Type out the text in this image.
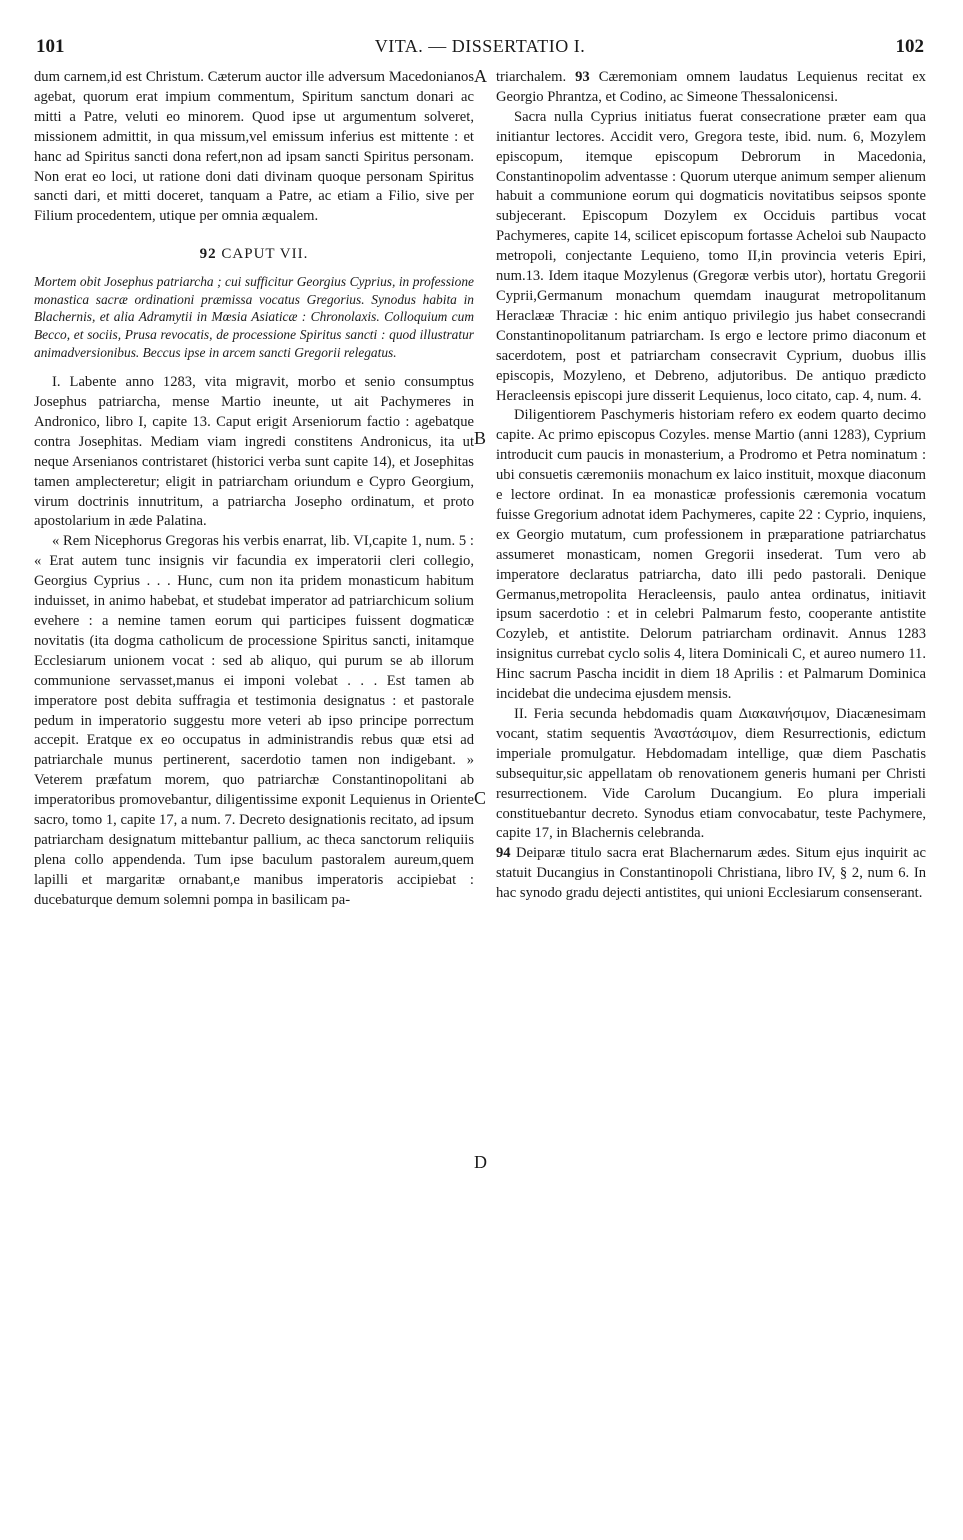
101	VITA. — DISSERTATIO I.	102
A
B
C
D

dum carnem,id est Christum. Cæterum auctor ille adversum Macedonianos agebat, quorum erat impium commentum, Spiritum sanctum donari ac mitti a Patre, veluti eo minorem. Quod ipse ut argumentum solveret, missionem admittit, in qua missum,vel emissum inferius est mittente : et hanc ad Spiritus sancti dona refert,non ad ipsam sancti Spiritus personam. Non erat eo loci, ut ratione doni dati divinam quoque personam Spiritus sancti dari, et mitti doceret, tanquam a Patre, ac etiam a Filio, sive per Filium procedentem, utique per omnia æqualem.

92 CAPUT VII.

Mortem obit Josephus patriarcha ; cui sufficitur Georgius Cyprius, in professione monastica sacræ ordinationi præmissa vocatus Gregorius. Synodus habita in Blachernis, et alia Adramytii in Mœsia Asiaticæ : Chronolaxis. Colloquium cum Becco, et sociis, Prusa revocatis, de processione Spiritus sancti : quod illustratur animadversionibus. Beccus ipse in arcem sancti Gregorii relegatus.

I. Labente anno 1283, vita migravit, morbo et senio consumptus Josephus patriarcha, mense Martio ineunte, ut ait Pachymeres in Andronico, libro I, capite 13. Caput erigit Arseniorum factio : agebatque contra Josephitas. Mediam viam ingredi constitens Andronicus, ita ut neque Arsenianos contristaret (historici verba sunt capite 14), et Josephitas tamen amplecteretur; eligit in patriarcham oriundum e Cypro Georgium, virum doctrinis innutritum, a patriarcha Josepho ordinatum, et proto apostolarium in æde Palatina.

« Rem Nicephorus Gregoras his verbis enarrat, lib. VI,capite 1, num. 5 : « Erat autem tunc insignis vir facundia ex imperatorii cleri collegio, Georgius Cyprius . . . Hunc, cum non ita pridem monasticum habitum induisset, in animo habebat, et studebat imperator ad patriarchicum solium evehere : a nemine tamen eorum qui participes fuissent dogmaticæ novitatis (ita dogma catholicum de processione Spiritus sancti, initamque Ecclesiarum unionem vocat : sed ab aliquo, qui purum se ab illorum communione servasset,manus ei imponi volebat . . . Est tamen ab imperatore post debita suffragia et testimonia designatus : et pastorale pedum in imperatorio suggestu more veteri ab ipso principe porrectum accepit. Eratque ex eo occupatus in administrandis rebus quæ etsi ad patriarchale munus pertinerent, sacerdotio tamen non indigebant. » Veterem præfatum morem, quo patriarchæ Constantinopolitani ab imperatoribus promovebantur, diligentissime exponit Lequienus in Oriente sacro, tomo 1, capite 17, a num. 7. Decreto designationis recitato, ad ipsum patriarcham designatum mittebantur pallium, ac theca sanctorum reliquiis plena collo appendenda. Tum ipse baculum pastoralem aureum,quem lapilli et margaritæ ornabant,e manibus imperatoris accipiebat : ducebaturque demum solemni pompa in basilicam pa-

triarchalem. 93 Cæremoniam omnem laudatus Lequienus recitat ex Georgio Phrantza, et Codino, ac Simeone Thessalonicensi.

Sacra nulla Cyprius initiatus fuerat consecratione præter eam qua initiantur lectores. Accidit vero, Gregora teste, ibid. num. 6, Mozylem episcopum, itemque episcopum Debrorum in Macedonia, Constantinopolim adventasse : Quorum uterque animum semper alienum habuit a communione eorum qui dogmaticis novitatibus seipsos sponte subjecerant. Episcopum Dozylem ex Occiduis partibus vocat Pachymeres, capite 14, scilicet episcopum fortasse Acheloi sub Naupacto metropoli, conjectante Lequieno, tomo II,in provincia veteris Epiri, num.13. Idem itaque Mozylenus (Gregoræ verbis utor), hortatu Gregorii Cyprii,Germanum monachum quemdam inaugurat metropolitanum Heraclææ Thraciæ : hic enim antiquo privilegio jus habet consecrandi Constantinopolitanum patriarcham. Is ergo e lectore primo diaconum et sacerdotem, post et patriarcham consecravit Cyprium, duobus illis episcopis, Mozyleno, et Debreno, adjutoribus. De antiquo prædicto Heracleensis episcopi jure disserit Lequienus, loco citato, cap. 4, num. 4.

Diligentiorem Paschymeris historiam refero ex eodem quarto decimo capite. Ac primo episcopus Cozyles. mense Martio (anni 1283), Cyprium introducit cum paucis in monasterium, a Prodromo et Petra nominatum : ubi consuetis cæremoniis monachum ex laico instituit, moxque diaconum e lectore ordinat. In ea monasticæ professionis cæremonia vocatum fuisse Gregorium adnotat idem Pachymeres, capite 22 : Cyprio, inquiens, ex Georgio mutatum, cum professionem in præparatione patriarchatus assumeret monasticam, nomen Gregorii insederat. Tum vero ab imperatore declaratus patriarcha, dato illi pedo pastorali. Denique Germanus,metropolita Heracleensis, paulo antea ordinatus, initiavit ipsum sacerdotio : et in celebri Palmarum festo, cooperante antistite Cozyleb, et antistite. Delorum patriarcham ordinavit. Annus 1283 insignitus currebat cyclo solis 4, litera Dominicali C, et aureo numero 11. Hinc sacrum Pascha incidit in diem 18 Aprilis : et Palmarum Dominica incidebat die undecima ejusdem mensis.

II. Feria secunda hebdomadis quam Διακαινήσιμον, Diacænesimam vocant, statim sequentis Ἀναστάσιμον, diem Resurrectionis, edictum imperiale promulgatur. Hebdomadam intellige, quæ diem Paschatis subsequitur,sic appellatam ob renovationem generis humani per Christi resurrectionem. Vide Carolum Ducangium. Eo plura imperiali constituebantur decreto. Synodus etiam convocabatur, teste Pachymere, capite 17, in Blachernis celebranda.

94 Deiparæ titulo sacra erat Blachernarum ædes. Situm ejus inquirit ac statuit Ducangius in Constantinopoli Christiana, libro IV, § 2, num 6. In hac synodo gradu dejecti antistites, qui unioni Ecclesiarum consenserant.
